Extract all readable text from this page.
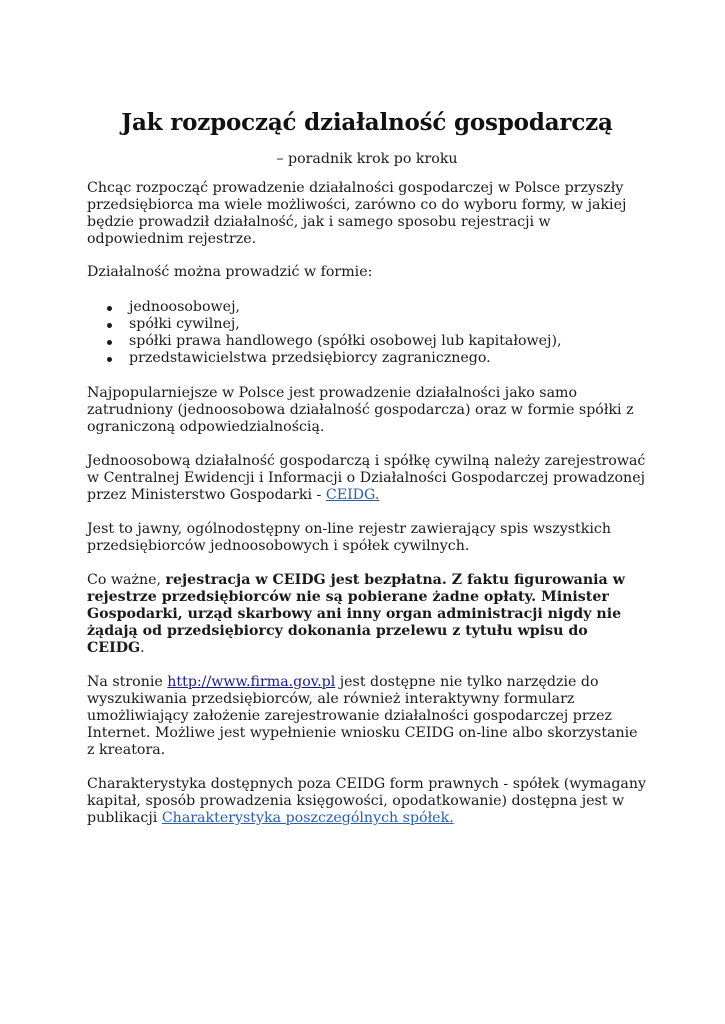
Jak rozpocząć działalność gospodarczą

– poradnik krok po kroku

Chcąc rozpocząć prowadzenie działalności gospodarczej w Polsce przyszły przedsiębiorca ma wiele możliwości, zarówno co do wyboru formy, w jakiej będzie prowadził działalność, jak i samego sposobu rejestracji w odpowiednim rejestrze.

Działalność można prowadzić w formie:

jednoosobowej,
spółki cywilnej,
spółki prawa handlowego (spółki osobowej lub kapitałowej),
przedstawicielstwa przedsiębiorcy zagranicznego.

Najpopularniejsze w Polsce jest prowadzenie działalności jako samo zatrudniony (jednoosobowa działalność gospodarcza) oraz w formie spółki z ograniczoną odpowiedzialnością.

Jednoosobową działalność gospodarczą i spółkę cywilną należy zarejestrować w Centralnej Ewidencji i Informacji o Działalności Gospodarczej prowadzonej przez Ministerstwo Gospodarki - CEIDG.

Jest to jawny, ogólnodostępny on-line rejestr zawierający spis wszystkich przedsiębiorców jednoosobowych i spółek cywilnych.

Co ważne, rejestracja w CEIDG jest bezpłatna. Z faktu figurowania w rejestrze przedsiębiorców nie są pobierane żadne opłaty. Minister Gospodarki, urząd skarbowy ani inny organ administracji nigdy nie żądają od przedsiębiorcy dokonania przelewu z tytułu wpisu do CEIDG.

Na stronie http://www.firma.gov.pl jest dostępne nie tylko narzędzie do wyszukiwania przedsiębiorców, ale również interaktywny formularz umożliwiający założenie zarejestrowanie działalności gospodarczej przez Internet. Możliwe jest wypełnienie wniosku CEIDG on-line albo skorzystanie z kreatora.

Charakterystyka dostępnych poza CEIDG form prawnych - spółek (wymagany kapitał, sposób prowadzenia księgowości, opodatkowanie) dostępna jest w publikacji Charakterystyka poszczególnych spółek.
